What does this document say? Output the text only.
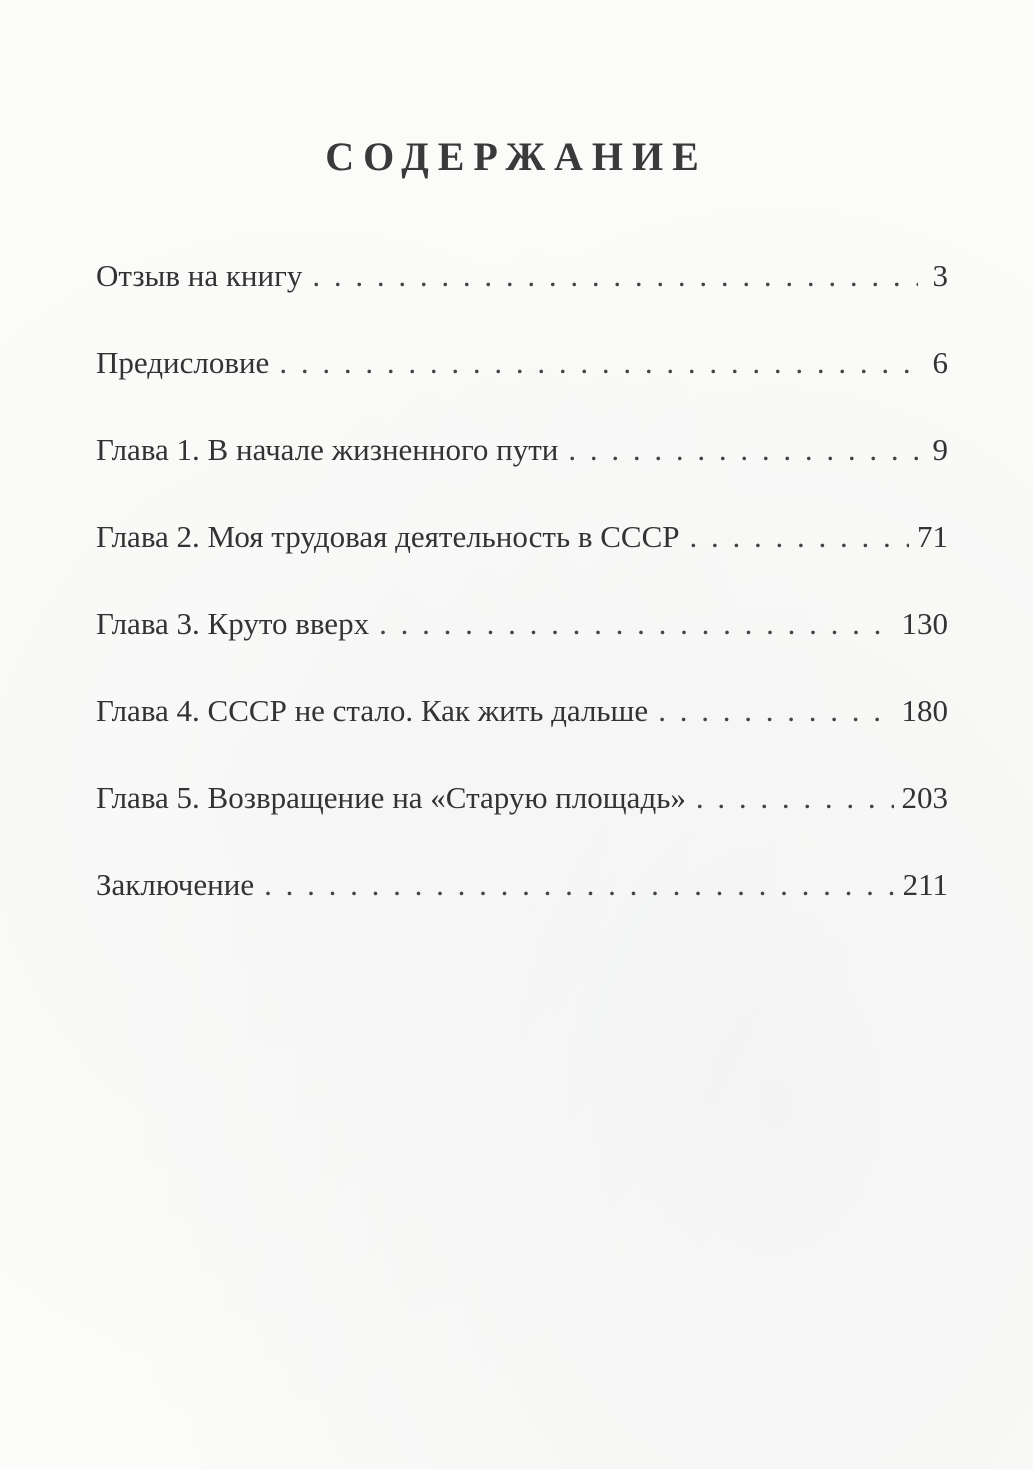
СОДЕРЖАНИЕ
Отзыв на книгу . . .	3
Предисловие . . .	6
Глава 1. В начале жизненного пути . . .	9
Глава 2. Моя трудовая деятельность в СССР . . .	71
Глава 3. Круто вверх . . .	130
Глава 4. СССР не стало. Как жить дальше . . .	180
Глава 5. Возвращение на «Старую площадь» . . .	203
Заключение . . .	211
